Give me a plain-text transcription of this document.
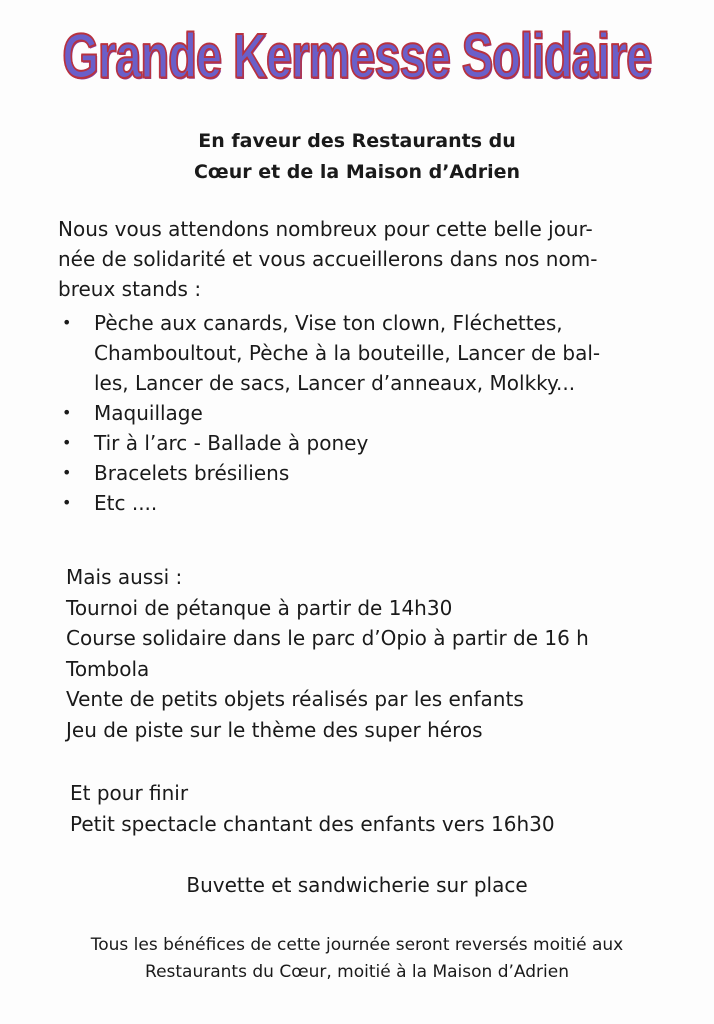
Grande Kermesse Solidaire
En faveur des Restaurants du
Cœur et de la Maison d’Adrien
Nous vous attendons nombreux pour cette belle jour-
née de solidarité et vous accueillerons dans nos nom-
breux stands :
• Pèche aux canards, Vise ton clown, Fléchettes,
Chamboultout, Pèche à la bouteille, Lancer de bal-
les, Lancer de sacs, Lancer d’anneaux, Molkky...
• Maquillage
• Tir à l’arc - Ballade à poney
• Bracelets brésiliens
• Etc ....
Mais aussi :
Tournoi de pétanque à partir de 14h30
Course solidaire dans le parc d’Opio à partir de 16 h
Tombola
Vente de petits objets réalisés par les enfants
Jeu de piste sur le thème des super héros
Et pour finir
Petit spectacle chantant des enfants vers 16h30
Buvette et sandwicherie sur place
Tous les bénéfices de cette journée seront reversés moitié aux
Restaurants du Cœur, moitié à la Maison d’Adrien
